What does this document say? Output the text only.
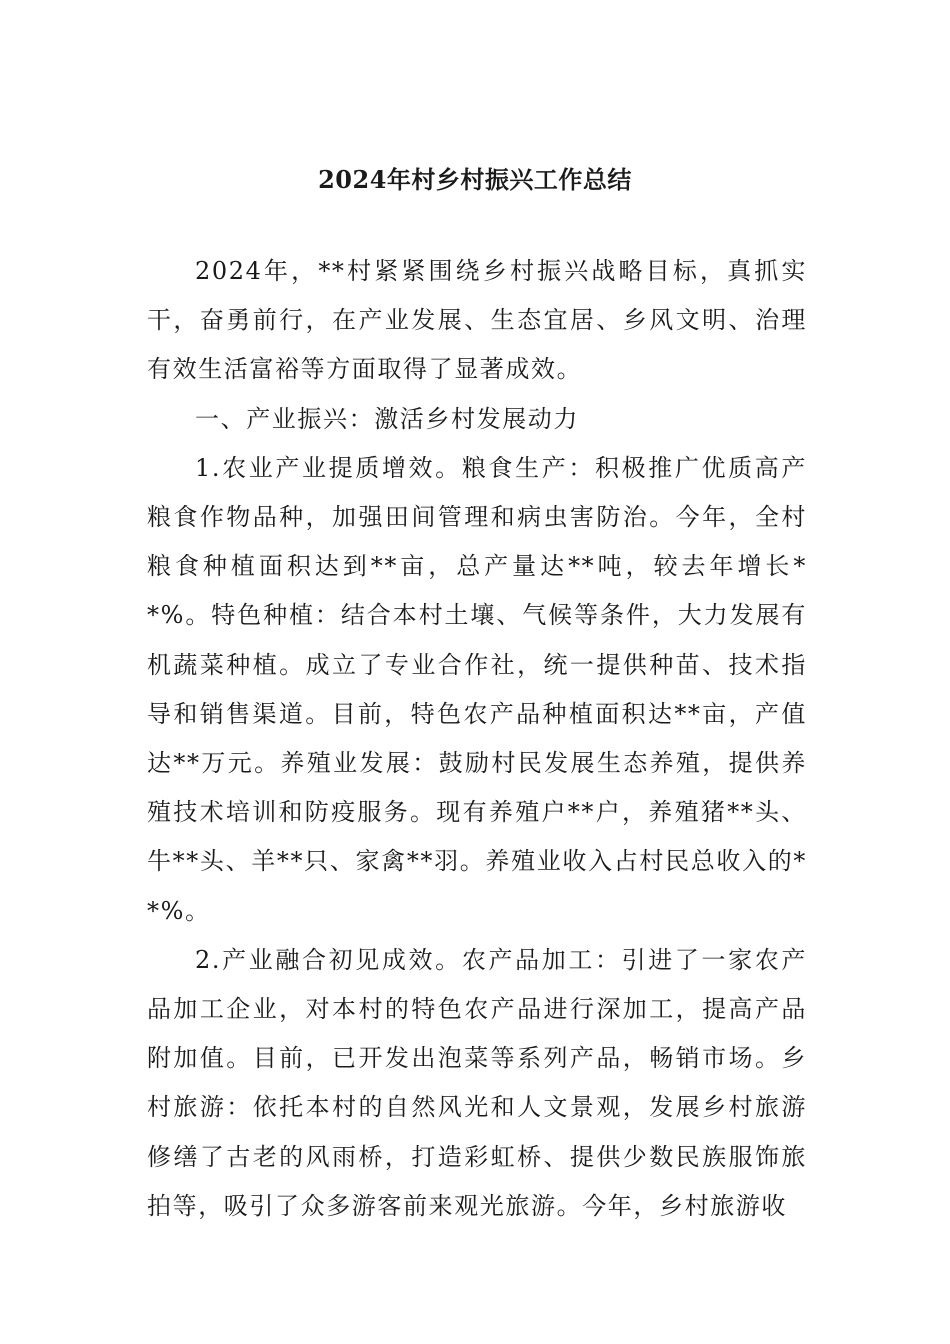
2024年村乡村振兴工作总结

2024年，**村紧紧围绕乡村振兴战略目标，真抓实干，奋勇前行，在产业发展、生态宜居、乡风文明、治理有效生活富裕等方面取得了显著成效。

一、产业振兴：激活乡村发展动力

1.农业产业提质增效。粮食生产：积极推广优质高产粮食作物品种，加强田间管理和病虫害防治。今年，全村粮食种植面积达到**亩，总产量达**吨，较去年增长**%。特色种植：结合本村土壤、气候等条件，大力发展有机蔬菜种植。成立了专业合作社，统一提供种苗、技术指导和销售渠道。目前，特色农产品种植面积达**亩，产值达**万元。养殖业发展：鼓励村民发展生态养殖，提供养殖技术培训和防疫服务。现有养殖户**户，养殖猪**头、牛**头、羊**只、家禽**羽。养殖业收入占村民总收入的**%。

2.产业融合初见成效。农产品加工：引进了一家农产品加工企业，对本村的特色农产品进行深加工，提高产品附加值。目前，已开发出泡菜等系列产品，畅销市场。乡村旅游：依托本村的自然风光和人文景观，发展乡村旅游修缮了古老的风雨桥，打造彩虹桥、提供少数民族服饰旅拍等，吸引了众多游客前来观光旅游。今年，乡村旅游收
